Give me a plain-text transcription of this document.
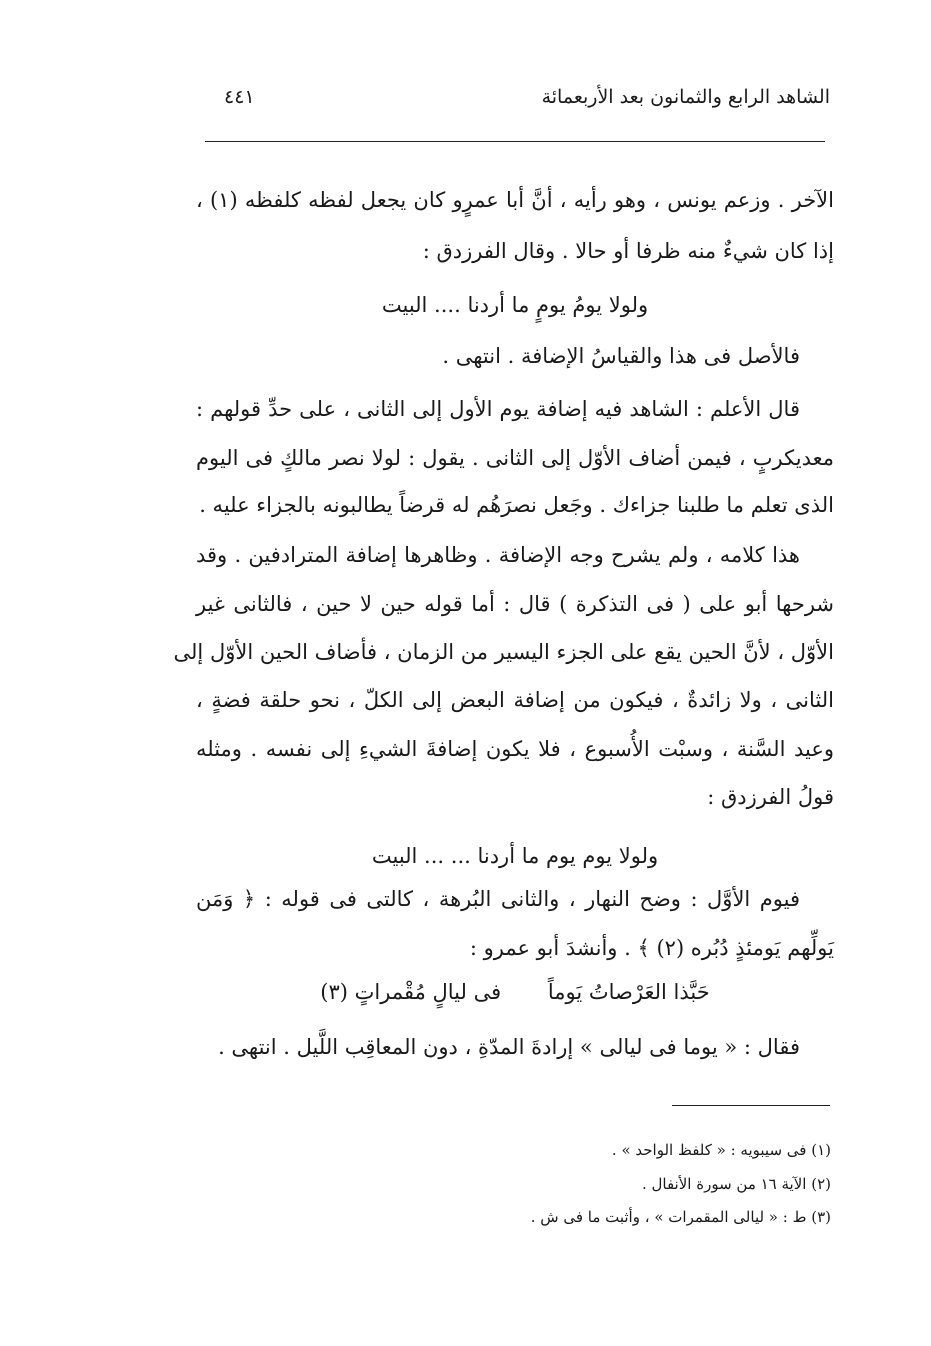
الشاهد الرابع والثمانون بعد الأربعمائة
٤٤١
الآخر . وزعم يونس ، وهو رأيه ، أنَّ أبا عمرٍو كان يجعل لفظه كلفظه (١) ،
إذا كان شيءٌ منه ظرفا أو حالا . وقال الفرزدق :
ولولا يومُ يومٍ ما أردنا .... البيت
فالأصل فى هذا والقياسُ الإضافة . انتهى .
قال الأعلم : الشاهد فيه إضافة يوم الأول إلى الثانى ، على حدِّ قولهم :
معديكربٍ ، فيمن أضاف الأوّل إلى الثانى . يقول : لولا نصر مالكٍ فى اليوم
الذى تعلم ما طلبنا جزاءك . وجَعل نصرَهُم له قرضاً يطالبونه بالجزاء عليه .
هذا كلامه ، ولم يشرح وجه الإضافة . وظاهرها إضافة المترادفين . وقد
شرحها أبو على ( فى التذكرة ) قال : أما قوله حين لا حين ، فالثانى غير
الأوّل ، لأنَّ الحين يقع على الجزء اليسير من الزمان ، فأضاف الحين الأوّل إلى
الثانى ، ولا زائدةٌ ، فيكون من إضافة البعض إلى الكلّ ، نحو حلقة فضةٍ ،
وعيد السَّنة ، وسبْت الأُسبوع ، فلا يكون إضافةَ الشيءِ إلى نفسه . ومثله
قولُ الفرزدق :
ولولا يوم يوم ما أردنا ... ... البيت
فيوم الأوَّل : وضح النهار ، والثانى البُرهة ، كالتى فى قوله : ﴿ وَمَن
يَولِّهم يَومئذٍ دُبُره (٢) ﴾ . وأنشدَ أبو عمرو :
حَبَّذا العَرْصاتُ يَوماً       فى ليالٍ مُقْمراتٍ (٣)
فقال : « يوما فى ليالى » إرادةَ المدّةِ ، دون المعاقِب اللَّيل . انتهى .
(١) فى سيبويه : « كلفظ الواحد » .
(٢) الآية ١٦ من سورة الأنفال .
(٣) ط : « ليالى المقمرات » ، وأثبت ما فى ش .
